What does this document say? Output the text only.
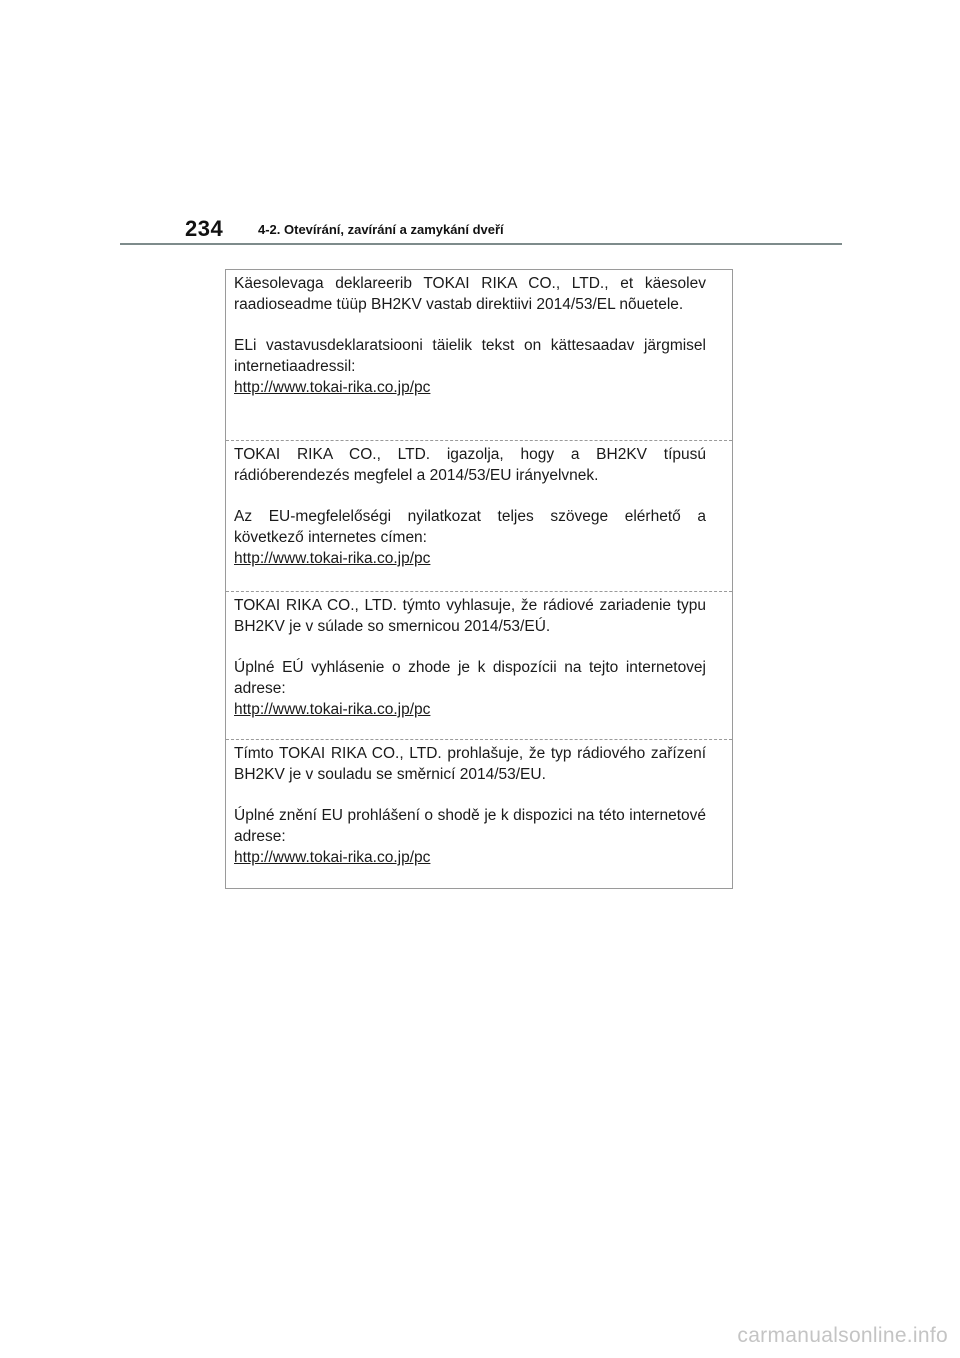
234	4-2. Otevírání, zavírání a zamykání dveří

Käesolevaga deklareerib TOKAI RIKA CO., LTD., et käesolev raadioseadme tüüp BH2KV vastab direktiivi 2014/53/EL nõuetele.

ELi vastavusdeklaratsiooni täielik tekst on kättesaadav järgmisel internetiaadressil:
http://www.tokai-rika.co.jp/pc

TOKAI RIKA CO., LTD. igazolja, hogy a BH2KV típusú rádióberendezés megfelel a 2014/53/EU irányelvnek.

Az EU-megfelelőségi nyilatkozat teljes szövege elérhető a következő internetes címen:
http://www.tokai-rika.co.jp/pc

TOKAI RIKA CO., LTD. týmto vyhlasuje, že rádiové zariadenie typu BH2KV je v súlade so smernicou 2014/53/EÚ.

Úplné EÚ vyhlásenie o zhode je k dispozícii na tejto internetovej adrese:
http://www.tokai-rika.co.jp/pc

Tímto TOKAI RIKA CO., LTD. prohlašuje, že typ rádiového zařízení BH2KV je v souladu se směrnicí 2014/53/EU.

Úplné znění EU prohlášení o shodě je k dispozici na této internetové adrese:
http://www.tokai-rika.co.jp/pc

carmanualsonline.info
